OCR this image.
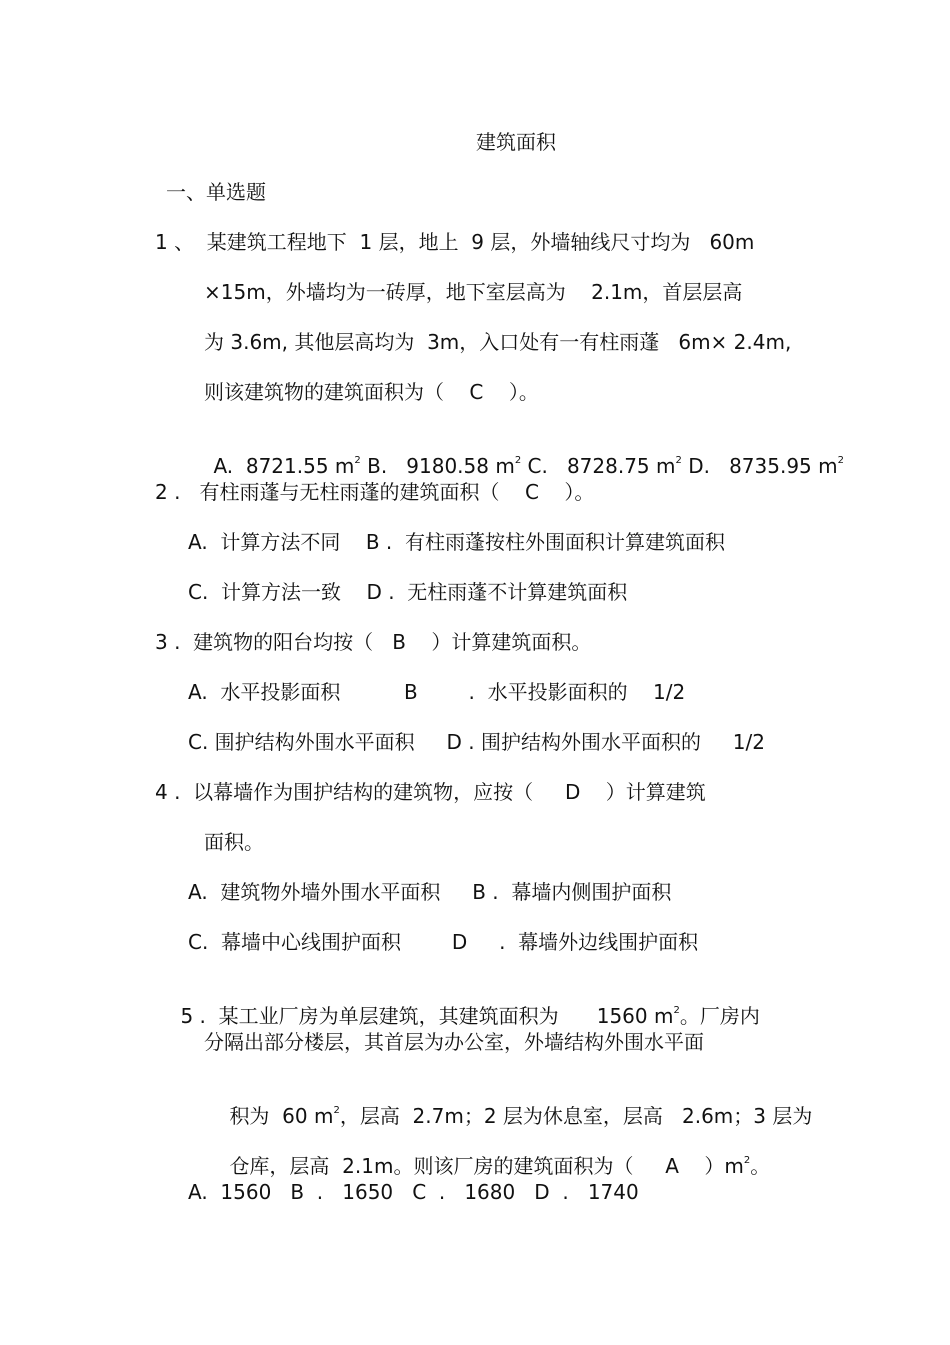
建筑面积
一、单选题
1 、  某建筑工程地下  1 层，地上  9 层，外墙轴线尺寸均为   60m
×15m，外墙均为一砖厚，地下室层高为    2.1m，首层层高
为 3.6m, 其他层高均为  3m，入口处有一有柱雨蓬   6m× 2.4m,
则该建筑物的建筑面积为（    C    ）。

A.  8721.55 $m^2$ B.   9180.58 $m^2$ C.   8728.75 $m^2$ D.   8735.95 $m^2$

2 .   有柱雨蓬与无柱雨蓬的建筑面积（    C    ）。
A.  计算方法不同    B .  有柱雨蓬按柱外围面积计算建筑面积
C.  计算方法一致    D .  无柱雨蓬不计算建筑面积
3 .  建筑物的阳台均按（   B    ）计算建筑面积。
A.  水平投影面积          B        .  水平投影面积的    1/2
C. 围护结构外围水平面积     D . 围护结构外围水平面积的     1/2
4 .  以幕墙作为围护结构的建筑物，应按（     D    ）计算建筑
面积。
A.  建筑物外墙外围水平面积     B .  幕墙内侧围护面积
C.  幕墙中心线围护面积        D     .  幕墙外边线围护面积

5 .  某工业厂房为单层建筑，其建筑面积为      1560 $m^2$。厂房内

分隔出部分楼层，其首层为办公室，外墙结构外围水平面

积为  60 $m^2$，层高  2.7m；2 层为休息室，层高   2.6m；3 层为

仓库，层高  2.1m。则该厂房的建筑面积为（     A    ）$m^2$。

A.  1560   B  .   1650   C  .   1680   D  .   1740
